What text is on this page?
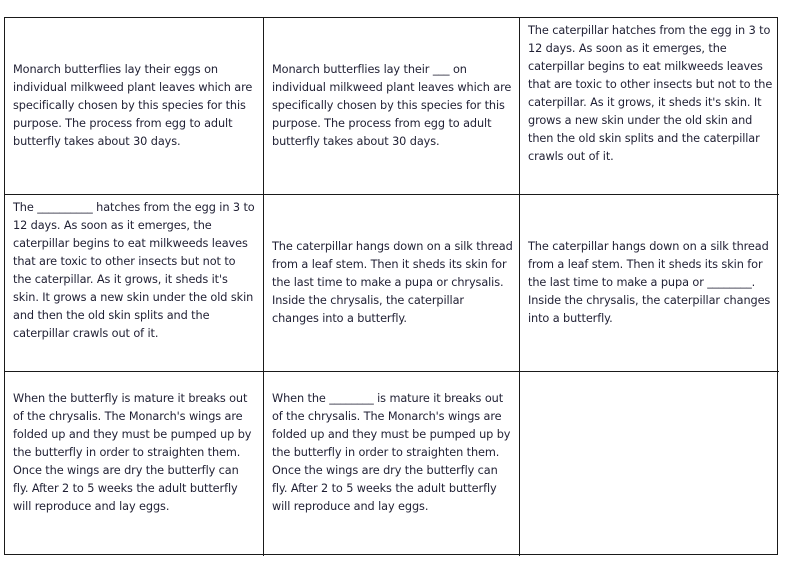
Monarch butterflies lay their eggs on individual milkweed plant leaves which are specifically chosen by this species for this purpose. The process from egg to adult butterfly takes about 30 days.

Monarch butterflies lay their ___ on individual milkweed plant leaves which are specifically chosen by this species for this purpose. The process from egg to adult butterfly takes about 30 days.

The caterpillar hatches from the egg in 3 to 12 days. As soon as it emerges, the caterpillar begins to eat milkweeds leaves that are toxic to other insects but not to the caterpillar. As it grows, it sheds it's skin. It grows a new skin under the old skin and then the old skin splits and the caterpillar crawls out of it.

The __________ hatches from the egg in 3 to 12 days. As soon as it emerges, the caterpillar begins to eat milkweeds leaves that are toxic to other insects but not to the caterpillar. As it grows, it sheds it's skin. It grows a new skin under the old skin and then the old skin splits and the caterpillar crawls out of it.

The caterpillar hangs down on a silk thread from a leaf stem. Then it sheds its skin for the last time to make a pupa or chrysalis. Inside the chrysalis, the caterpillar changes into a butterfly.

The caterpillar hangs down on a silk thread from a leaf stem. Then it sheds its skin for the last time to make a pupa or ________. Inside the chrysalis, the caterpillar changes into a butterfly.

When the butterfly is mature it breaks out of the chrysalis. The Monarch's wings are folded up and they must be pumped up by the butterfly in order to straighten them. Once the wings are dry the butterfly can fly. After 2 to 5 weeks the adult butterfly will reproduce and lay eggs.

When the ________ is mature it breaks out of the chrysalis. The Monarch's wings are folded up and they must be pumped up by the butterfly in order to straighten them. Once the wings are dry the butterfly can fly. After 2 to 5 weeks the adult butterfly will reproduce and lay eggs.
